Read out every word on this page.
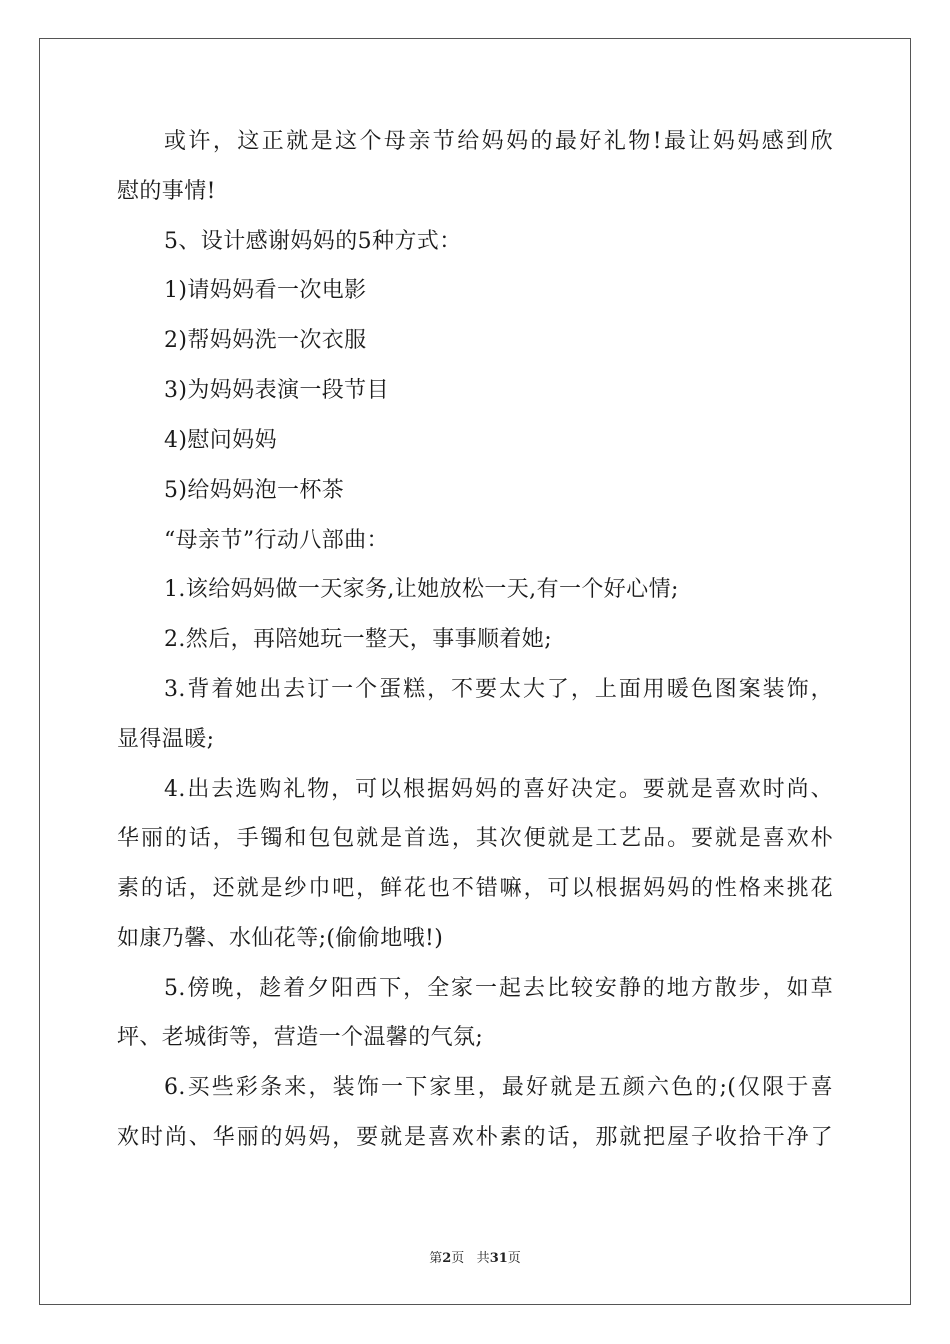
或许，这正就是这个母亲节给妈妈的最好礼物!最让妈妈感到欣
慰的事情!
5、设计感谢妈妈的5种方式：
1)请妈妈看一次电影
2)帮妈妈洗一次衣服
3)为妈妈表演一段节目
4)慰问妈妈
5)给妈妈泡一杯茶
“母亲节”行动八部曲：
1.该给妈妈做一天家务,让她放松一天,有一个好心情;
2.然后，再陪她玩一整天，事事顺着她;
3.背着她出去订一个蛋糕，不要太大了，上面用暖色图案装饰，
显得温暖;
4.出去选购礼物，可以根据妈妈的喜好决定。要就是喜欢时尚、
华丽的话，手镯和包包就是首选，其次便就是工艺品。要就是喜欢朴
素的话，还就是纱巾吧，鲜花也不错嘛，可以根据妈妈的性格来挑花
如康乃馨、水仙花等;(偷偷地哦!)
5.傍晚，趁着夕阳西下，全家一起去比较安静的地方散步，如草
坪、老城街等，营造一个温馨的气氛;
6.买些彩条来，装饰一下家里，最好就是五颜六色的;(仅限于喜
欢时尚、华丽的妈妈，要就是喜欢朴素的话，那就把屋子收拾干净了
第2页 共31页
